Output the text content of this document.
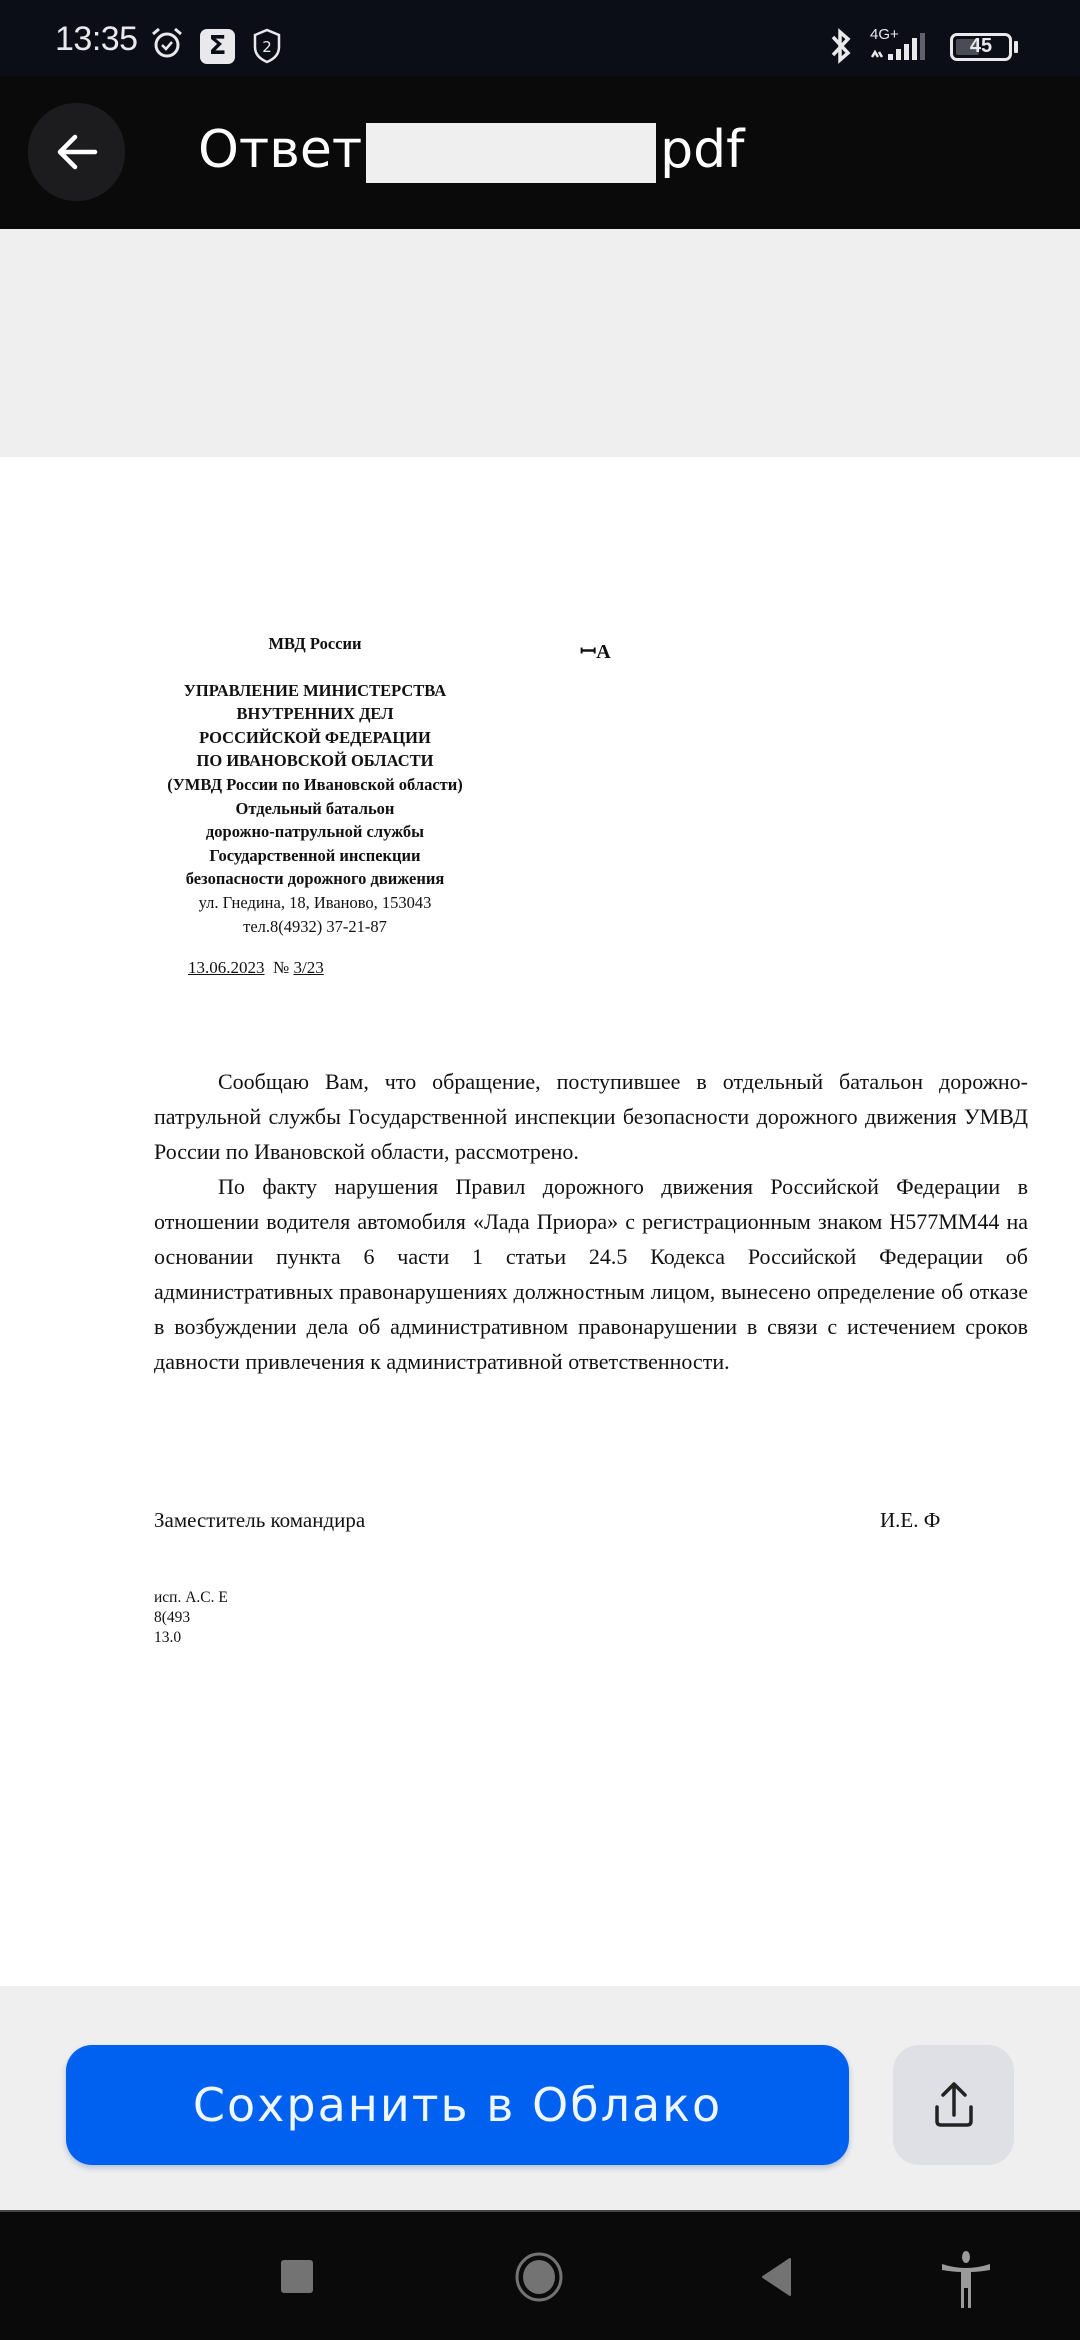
13:35	Σ	2
4G+
45
Ответ	pdf
МВД России
УПРАВЛЕНИЕ МИНИСТЕРСТВА
ВНУТРЕННИХ ДЕЛ
РОССИЙСКОЙ ФЕДЕРАЦИИ
ПО ИВАНОВСКОЙ ОБЛАСТИ
(УМВД России по Ивановской области)
Отдельный батальон
дорожно-патрульной службы
Государственной инспекции
безопасности дорожного движения
ул. Гнедина, 18, Иваново, 153043
тел.8(4932) 37-21-87
ꟷА
13.06.2023 № 3/23

Сообщаю Вам, что обращение, поступившее в отдельный батальон дорожно-патрульной службы Государственной инспекции безопасности дорожного движения УМВД России по Ивановской области, рассмотрено.

По факту нарушения Правил дорожного движения Российской Федерации в отношении водителя автомобиля «Лада Приора» с регистрационным знаком Н577ММ44 на основании пункта 6 части 1 статьи 24.5 Кодекса Российской Федерации об административных правонарушениях должностным лицом, вынесено определение об отказе в возбуждении дела об административном правонарушении в связи с истечением сроков давности привлечения к административной ответственности.

Заместитель командира	И.Е. Ф
исп. А.С. Е
8(493
13.0
Сохранить в Облако
